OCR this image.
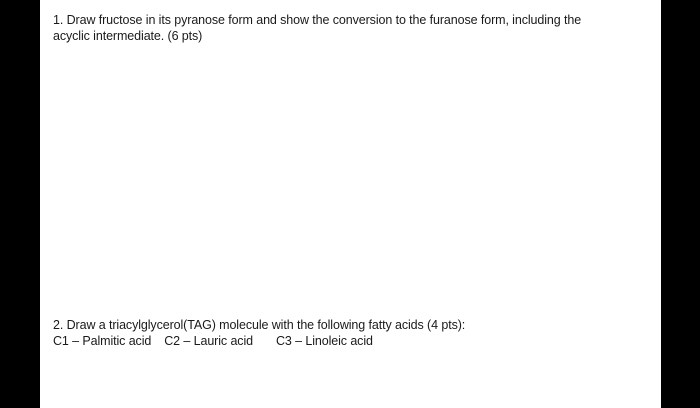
1. Draw fructose in its pyranose form and show the conversion to the furanose form, including the

acyclic intermediate. (6 pts)

2. Draw a triacylglycerol(TAG) molecule with the following fatty acids (4 pts):

C1 – Palmitic acid C2 – Lauric acid C3 – Linoleic acid
